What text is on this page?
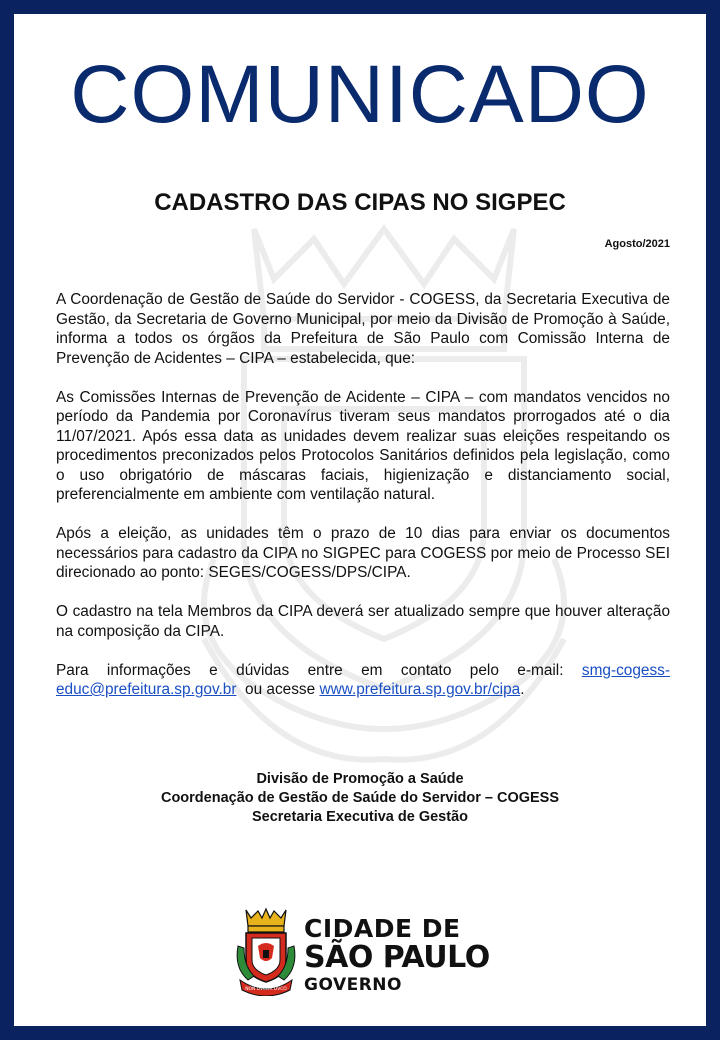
COMUNICADO
CADASTRO DAS CIPAS NO SIGPEC
Agosto/2021

A Coordenação de Gestão de Saúde do Servidor - COGESS, da Secretaria Executiva de Gestão, da Secretaria de Governo Municipal, por meio da Divisão de Promoção à Saúde, informa a todos os órgãos da Prefeitura de São Paulo com Comissão Interna de Prevenção de Acidentes – CIPA – estabelecida, que:

As Comissões Internas de Prevenção de Acidente – CIPA – com mandatos vencidos no período da Pandemia por Coronavírus tiveram seus mandatos prorrogados até o dia 11/07/2021. Após essa data as unidades devem realizar suas eleições respeitando os procedimentos preconizados pelos Protocolos Sanitários definidos pela legislação, como o uso obrigatório de máscaras faciais, higienização e distanciamento social, preferencialmente em ambiente com ventilação natural.

Após a eleição, as unidades têm o prazo de 10 dias para enviar os documentos necessários para cadastro da CIPA no SIGPEC para COGESS por meio de Processo SEI direcionado ao ponto: SEGES/COGESS/DPS/CIPA.

O cadastro na tela Membros da CIPA deverá ser atualizado sempre que houver alteração na composição da CIPA.

Para informações e dúvidas entre em contato pelo e-mail: smg-cogess-educ@prefeitura.sp.gov.br  ou acesse www.prefeitura.sp.gov.br/cipa.

Divisão de Promoção a Saúde
Coordenação de Gestão de Saúde do Servidor – COGESS
Secretaria Executiva de Gestão
NON DVCOR DVCO
CIDADE DE
SÃO PAULO
GOVERNO
